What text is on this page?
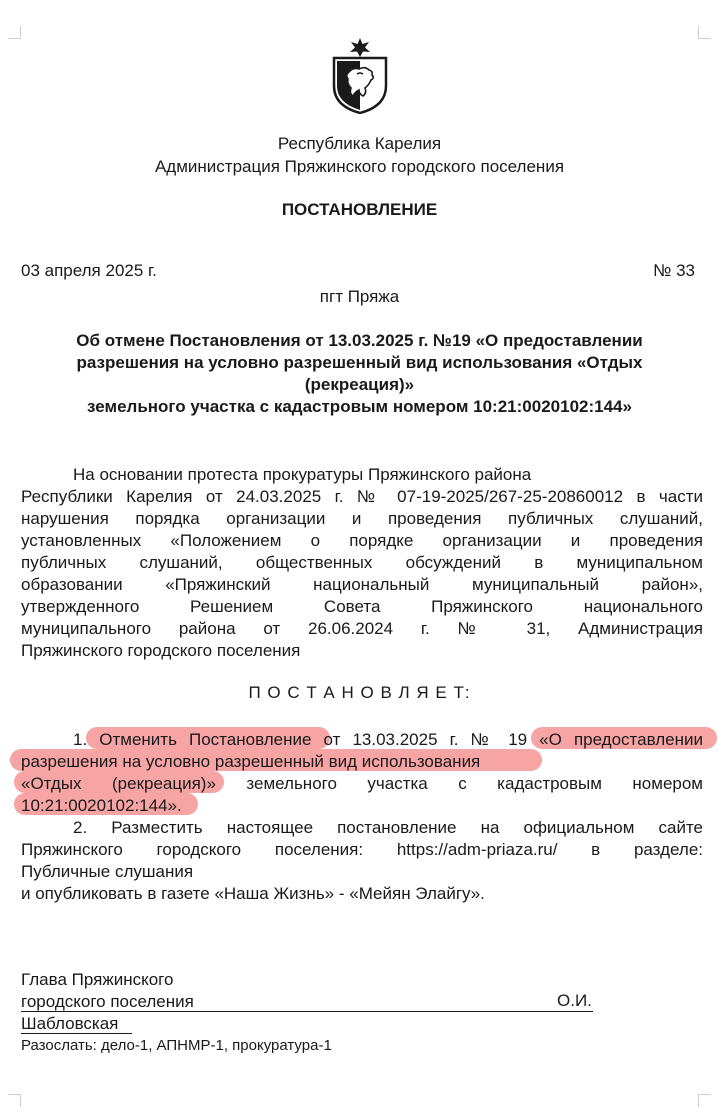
Республика Карелия
Администрация Пряжинского городского поселения
ПОСТАНОВЛЕНИЕ
03 апреля 2025 г.	№ 33
пгт Пряжа
Об отмене Постановления от 13.03.2025 г. №19 «О предоставлении
разрешения на условно разрешенный вид использования «Отдых
(рекреация)»
земельного участка с кадастровым номером 10:21:0020102:144»
На основании протеста прокуратуры Пряжинского района
Республики Карелия от 24.03.2025 г. № 07-19-2025/267-25-20860012 в части
нарушения порядка организации и проведения публичных слушаний,
установленных «Положением о порядке организации и проведения
публичных слушаний, общественных обсуждений в муниципальном
образовании «Пряжинский национальный муниципальный район»,
утвержденного Решением Совета Пряжинского национального
муниципального района от 26.06.2024 г. № 31, Администрация
Пряжинского городского поселения
П О С Т А Н О В Л Я Е Т:
1. Отменить Постановление от 13.03.2025 г. № 19 «О предоставлении
разрешения на условно разрешенный вид использования
«Отдых (рекреация)» земельного участка с кадастровым номером
10:21:0020102:144».
2. Разместить настоящее постановление на официальном сайте
Пряжинского городского поселения: https://adm-priaza.ru/ в разделе:
Публичные слушания
и опубликовать в газете «Наша Жизнь» - «Мейян Элайгу».
Глава Пряжинского
городского поселения	О.И.
Шабловская
Разослать: дело-1, АПНМР-1, прокуратура-1
